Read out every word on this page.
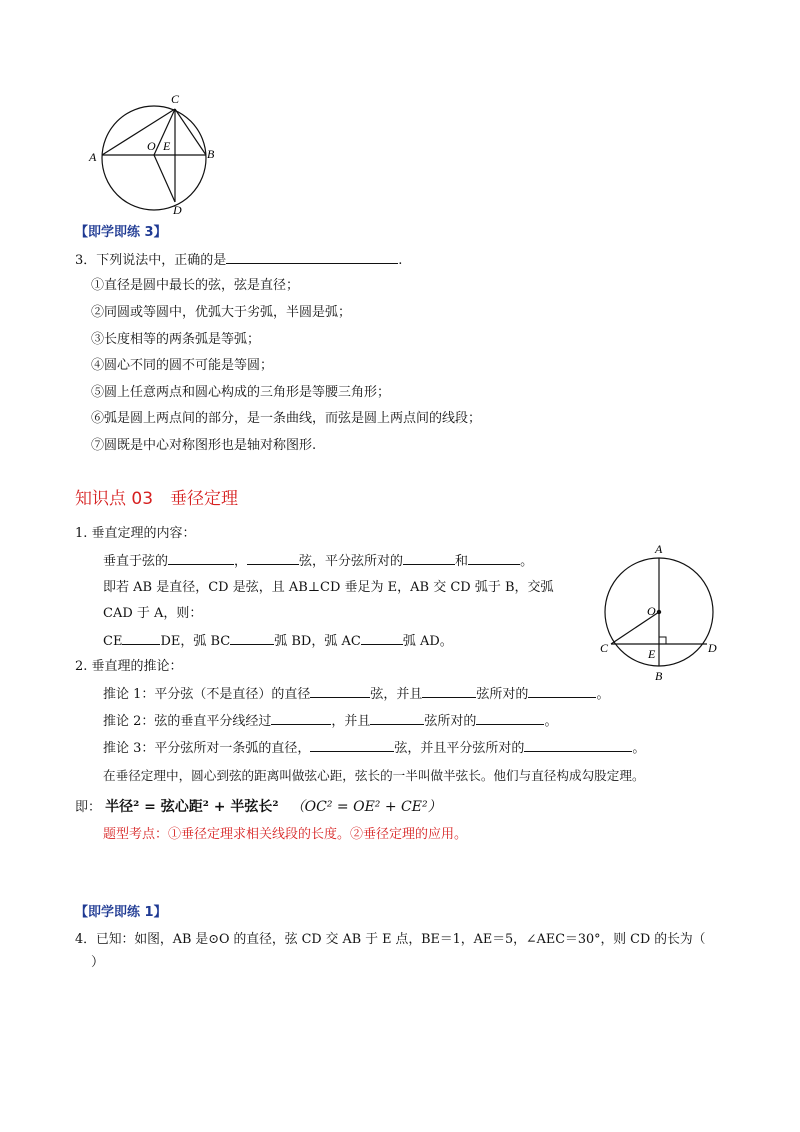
C
A
O E
B
D
【即学即练 3】
3．下列说法中，正确的是	.
①直径是圆中最长的弦，弦是直径；
②同圆或等圆中，优弧大于劣弧，半圆是弧；
③长度相等的两条弧是等弧；
④圆心不同的圆不可能是等圆；
⑤圆上任意两点和圆心构成的三角形是等腰三角形；
⑥弧是圆上两点间的部分，是一条曲线，而弦是圆上两点间的线段；
⑦圆既是中心对称图形也是轴对称图形.
知识点 03　垂径定理
1. 垂直定理的内容：
垂直于弦的	，	弦，平分弦所对的	和	。
即若 AB 是直径，CD 是弦，且 AB⊥CD 垂足为 E，AB 交 CD 弧于 B，交弧
CAD 于 A，则：
CE	DE，弧 BC	弧 BD，弧 AC	弧 AD。
A
O
C	E	D
B
2. 垂直理的推论：
推论 1：平分弦（不是直径）的直径	弦，并且	弦所对的	。
推论 2：弦的垂直平分线经过	，并且	弦所对的	。
推论 3：平分弦所对一条弧的直径，	弦，并且平分弦所对的	。
在垂径定理中，圆心到弦的距离叫做弦心距，弦长的一半叫做半弦长。他们与直径构成勾股定理。
即： 半径² = 弦心距² + 半弦长² （OC² = OE² + CE²）
题型考点：①垂径定理求相关线段的长度。②垂径定理的应用。
【即学即练 1】
4．已知：如图，AB 是⊙O 的直径，弦 CD 交 AB 于 E 点，BE＝1，AE＝5，∠AEC＝30°，则 CD 的长为（
）
